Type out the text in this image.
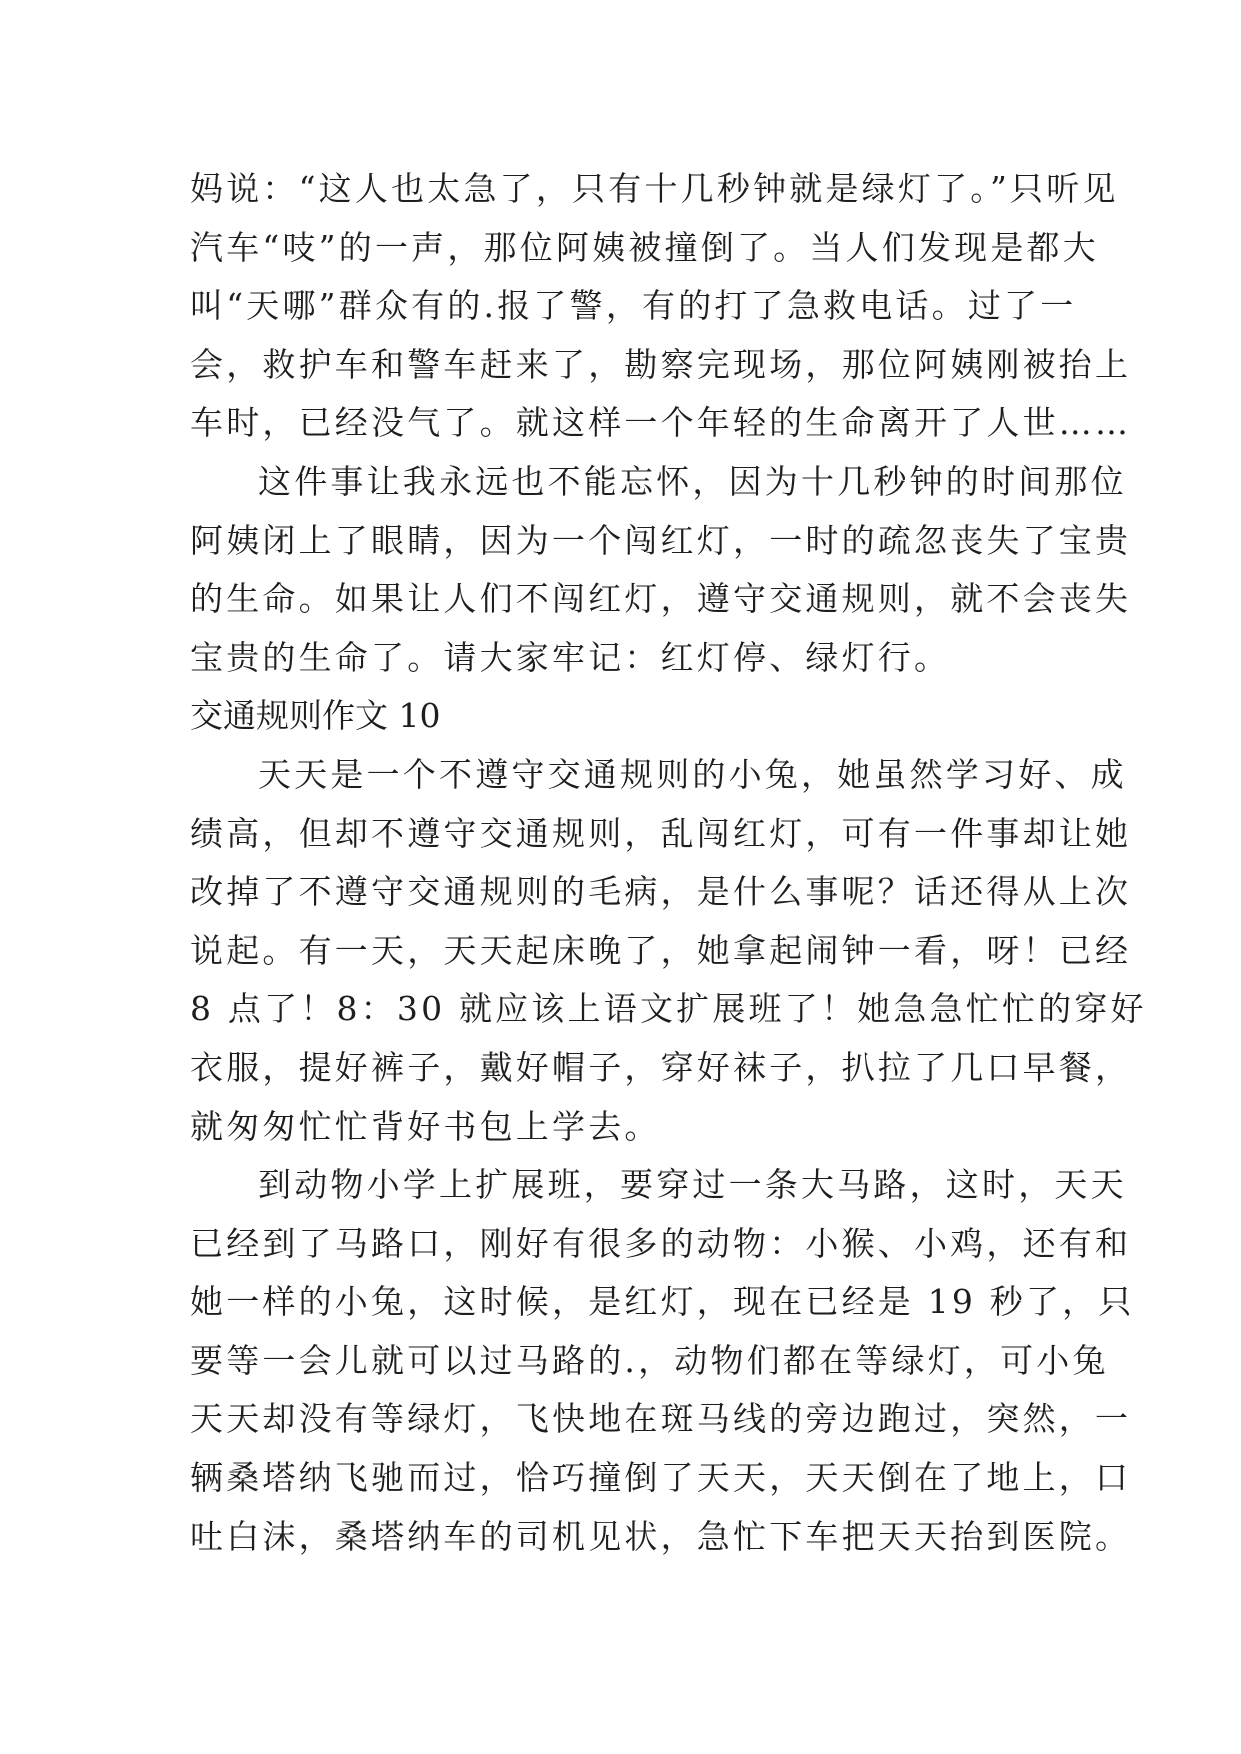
妈说：“这人也太急了，只有十几秒钟就是绿灯了。”只听见
汽车“吱”的一声，那位阿姨被撞倒了。当人们发现是都大
叫“天哪”群众有的.报了警，有的打了急救电话。过了一
会，救护车和警车赶来了，勘察完现场，那位阿姨刚被抬上
车时，已经没气了。就这样一个年轻的生命离开了人世……
这件事让我永远也不能忘怀，因为十几秒钟的时间那位
阿姨闭上了眼睛，因为一个闯红灯，一时的疏忽丧失了宝贵
的生命。如果让人们不闯红灯，遵守交通规则，就不会丧失
宝贵的生命了。请大家牢记：红灯停、绿灯行。
交通规则作文 10
天天是一个不遵守交通规则的小兔，她虽然学习好、成
绩高，但却不遵守交通规则，乱闯红灯，可有一件事却让她
改掉了不遵守交通规则的毛病，是什么事呢？话还得从上次
说起。有一天，天天起床晚了，她拿起闹钟一看，呀！已经
8 点了！8：30 就应该上语文扩展班了！她急急忙忙的穿好
衣服，提好裤子，戴好帽子，穿好袜子，扒拉了几口早餐，
就匆匆忙忙背好书包上学去。
到动物小学上扩展班，要穿过一条大马路，这时，天天
已经到了马路口，刚好有很多的动物：小猴、小鸡，还有和
她一样的小兔，这时候，是红灯，现在已经是 19 秒了，只
要等一会儿就可以过马路的.，动物们都在等绿灯，可小兔
天天却没有等绿灯，飞快地在斑马线的旁边跑过，突然，一
辆桑塔纳飞驰而过，恰巧撞倒了天天，天天倒在了地上，口
吐白沫，桑塔纳车的司机见状，急忙下车把天天抬到医院。
